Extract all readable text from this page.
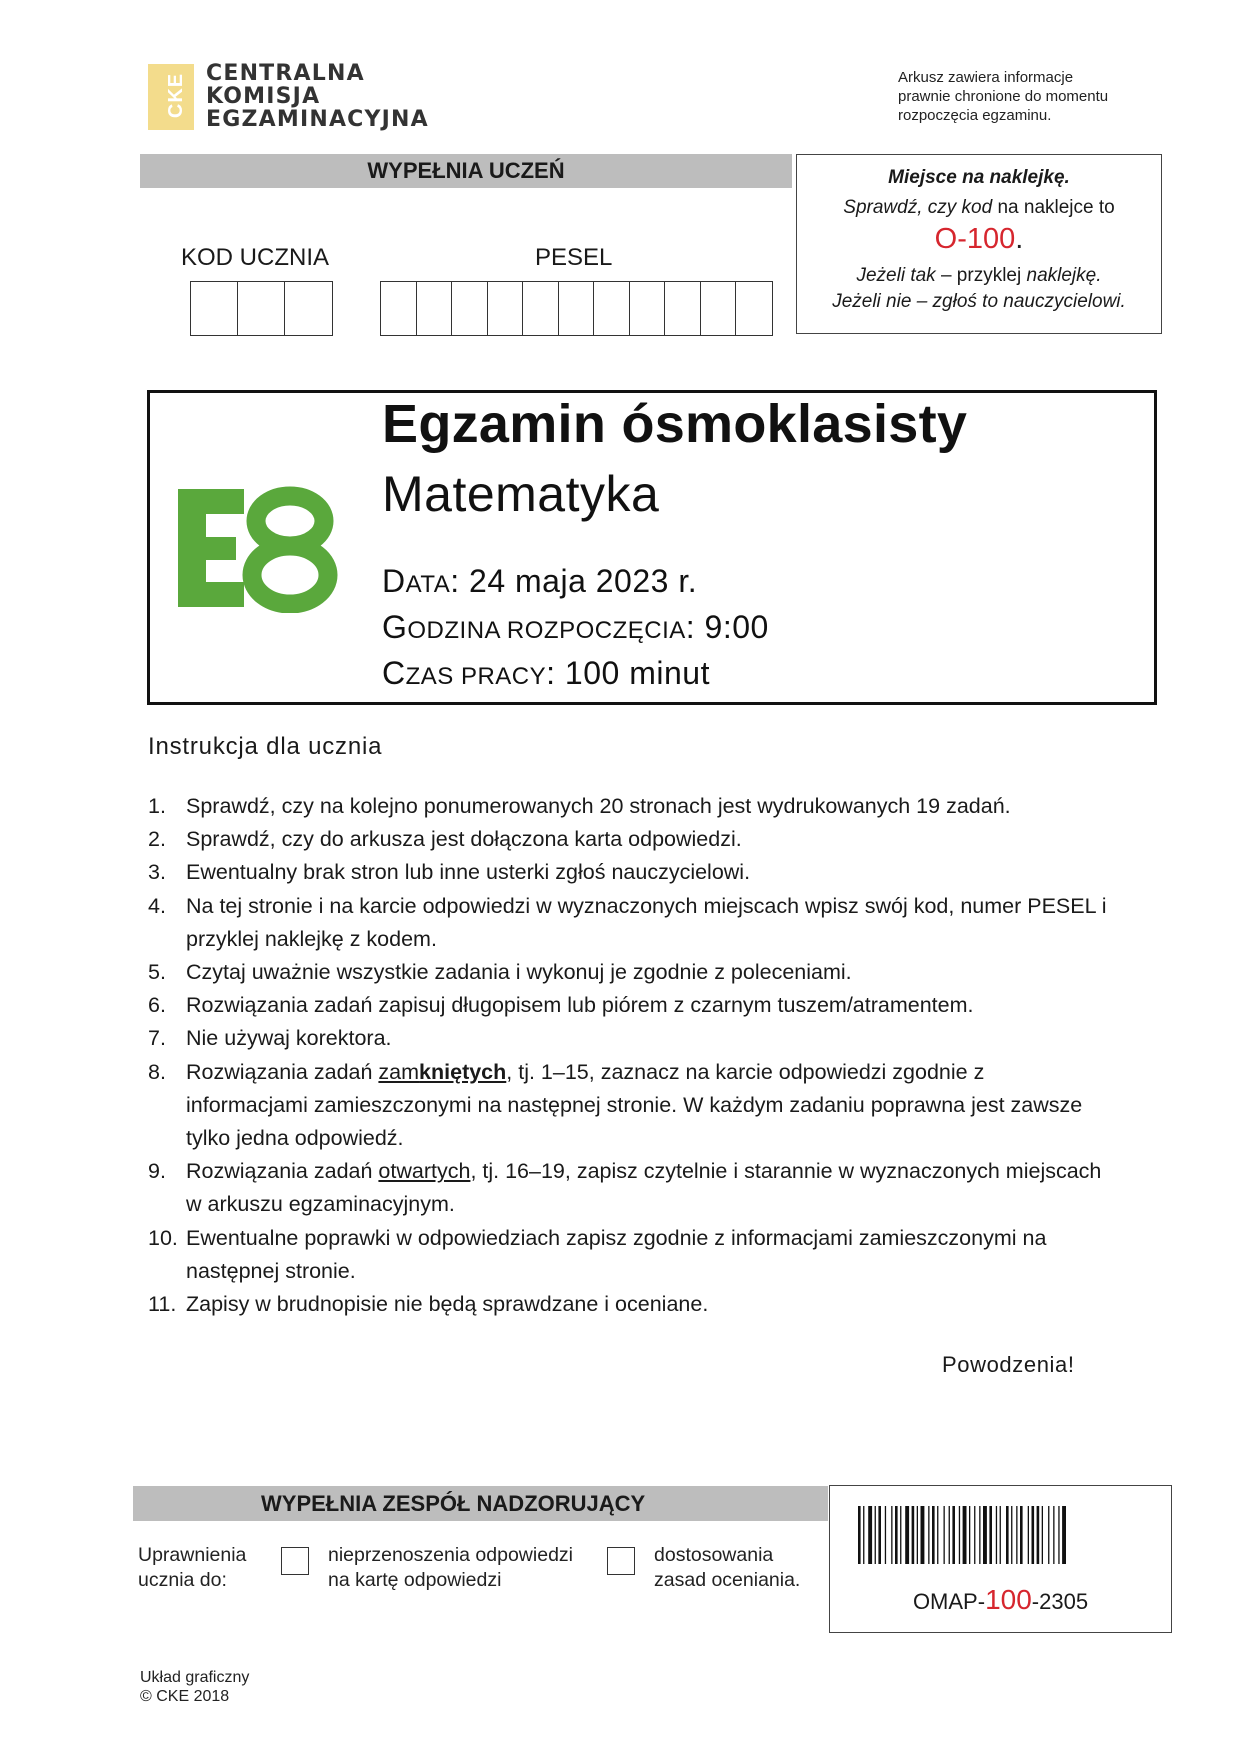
CKE CENTRALNA
KOMISJA
EGZAMINACYJNA
Arkusz zawiera informacje
prawnie chronione do momentu
rozpoczęcia egzaminu.
WYPEŁNIA UCZEŃ
KOD UCZNIA	PESEL
Miejsce na naklejkę.
Sprawdź, czy kod na naklejce to
O-100.
Jeżeli tak – przyklej naklejkę.
Jeżeli nie – zgłoś to nauczycielowi.
Egzamin ósmoklasisty
Matematyka
DATA: 24 maja 2023 r.
GODZINA ROZPOCZĘCIA: 9:00
CZAS PRACY: 100 minut
Instrukcja dla ucznia
1. Sprawdź, czy na kolejno ponumerowanych 20 stronach jest wydrukowanych 19 zadań.
2. Sprawdź, czy do arkusza jest dołączona karta odpowiedzi.
3. Ewentualny brak stron lub inne usterki zgłoś nauczycielowi.
4. Na tej stronie i na karcie odpowiedzi w wyznaczonych miejscach wpisz swój kod, numer PESEL i przyklej naklejkę z kodem.
5. Czytaj uważnie wszystkie zadania i wykonuj je zgodnie z poleceniami.
6. Rozwiązania zadań zapisuj długopisem lub piórem z czarnym tuszem/atramentem.
7. Nie używaj korektora.
8. Rozwiązania zadań zamkniętych, tj. 1–15, zaznacz na karcie odpowiedzi zgodnie z informacjami zamieszczonymi na następnej stronie. W każdym zadaniu poprawna jest zawsze tylko jedna odpowiedź.
9. Rozwiązania zadań otwartych, tj. 16–19, zapisz czytelnie i starannie w wyznaczonych miejscach w arkuszu egzaminacyjnym.
10. Ewentualne poprawki w odpowiedziach zapisz zgodnie z informacjami zamieszczonymi na następnej stronie.
11. Zapisy w brudnopisie nie będą sprawdzane i oceniane.
Powodzenia!
WYPEŁNIA ZESPÓŁ NADZORUJĄCY
Uprawnienia
ucznia do:
nieprzenoszenia odpowiedzi
na kartę odpowiedzi
dostosowania
zasad oceniania.
OMAP-100-2305
Układ graficzny
© CKE 2018
